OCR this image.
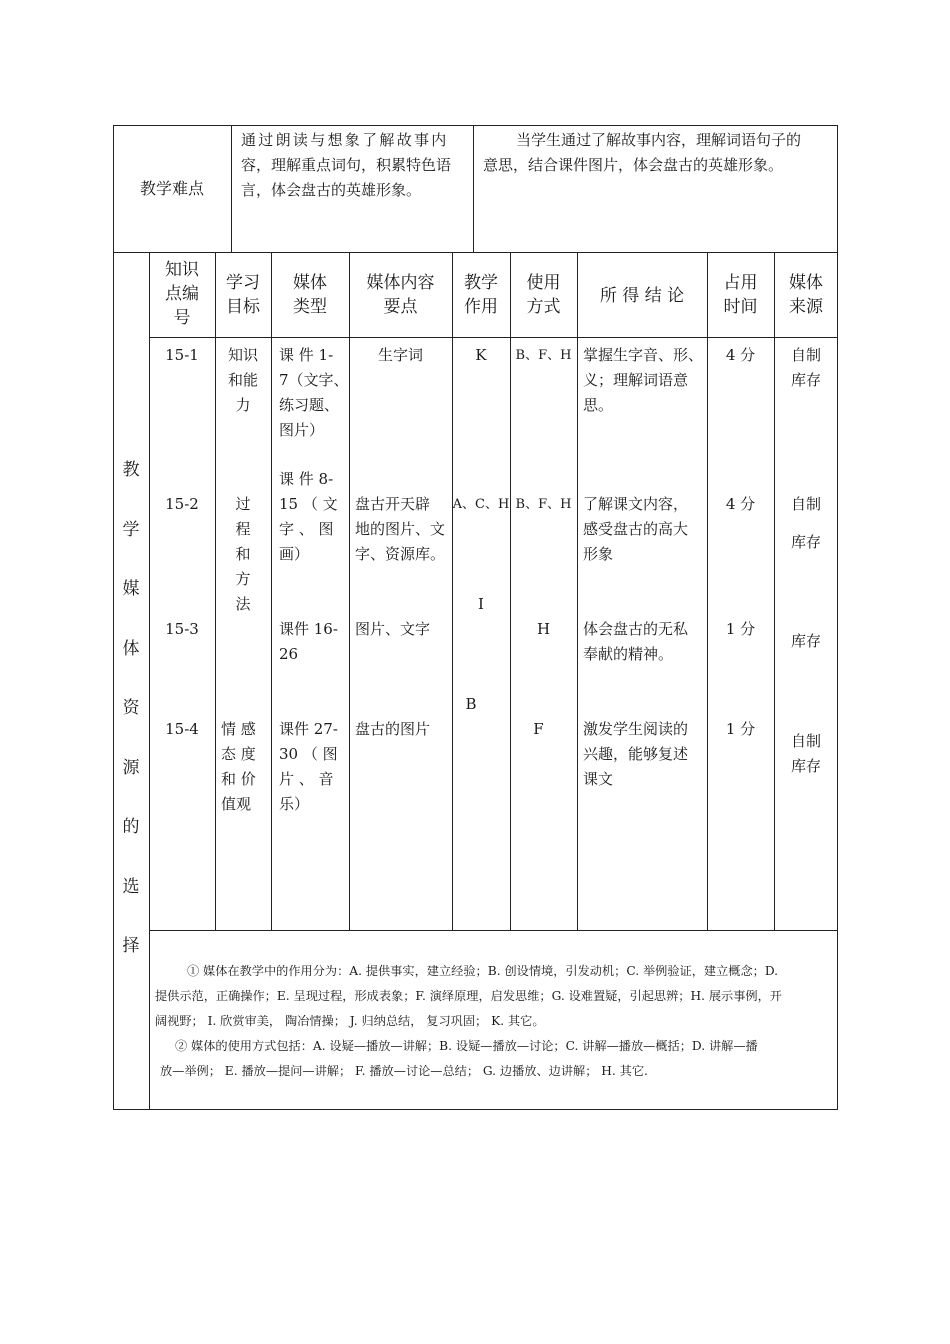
教学难点
通过朗读与想象了解故事内
容，理解重点词句，积累特色语
言，体会盘古的英雄形象。
当学生通过了解故事内容，理解词语句子的
意思，结合课件图片，体会盘古的英雄形象。
教
学
媒
体
资
源
的
选
择
知识
点编
号
学习
目标
媒体
类型
媒体内容
要点
教学
作用
使用
方式
所 得 结 论
占用
时间
媒体
来源
15-1
15-2
15-3
15-4
知识
和能
力
过
程
和
方
法
情 感
态 度
和 价
值观
课 件 1-
7（文字、
练习题、
图片）
课 件 8-
15 （ 文
字 、 图
画）
课件 16-
26
课件 27-
30 （ 图
片 、 音
乐）
生字词
盘古开天辟
地的图片、文
字、资源库。
图片、文字
盘古的图片
K
A、C、H
I
B
B、F、H
B、F、H
H
F
掌握生字音、形、
义；理解词语意
思。
了解课文内容，
感受盘古的高大
形象
体会盘古的无私
奉献的精神。
激发学生阅读的
兴趣，能够复述
课文
4 分
4 分
1 分
1 分
自制
库存
自制
库存
库存
自制
库存
① 媒体在教学中的作用分为：A. 提供事实，建立经验；B. 创设情境，引发动机；C. 举例验证，建立概念；D.
提供示范，正确操作；E. 呈现过程，形成表象；F. 演绎原理，启发思维；G. 设难置疑，引起思辨；H. 展示事例，开
阔视野； I. 欣赏审美， 陶冶情操； J. 归纳总结， 复习巩固； K. 其它。
② 媒体的使用方式包括：A. 设疑—播放—讲解；B. 设疑—播放—讨论；C. 讲解—播放—概括；D. 讲解—播
放—举例； E. 播放—提问—讲解； F. 播放—讨论—总结； G. 边播放、边讲解； H. 其它.
